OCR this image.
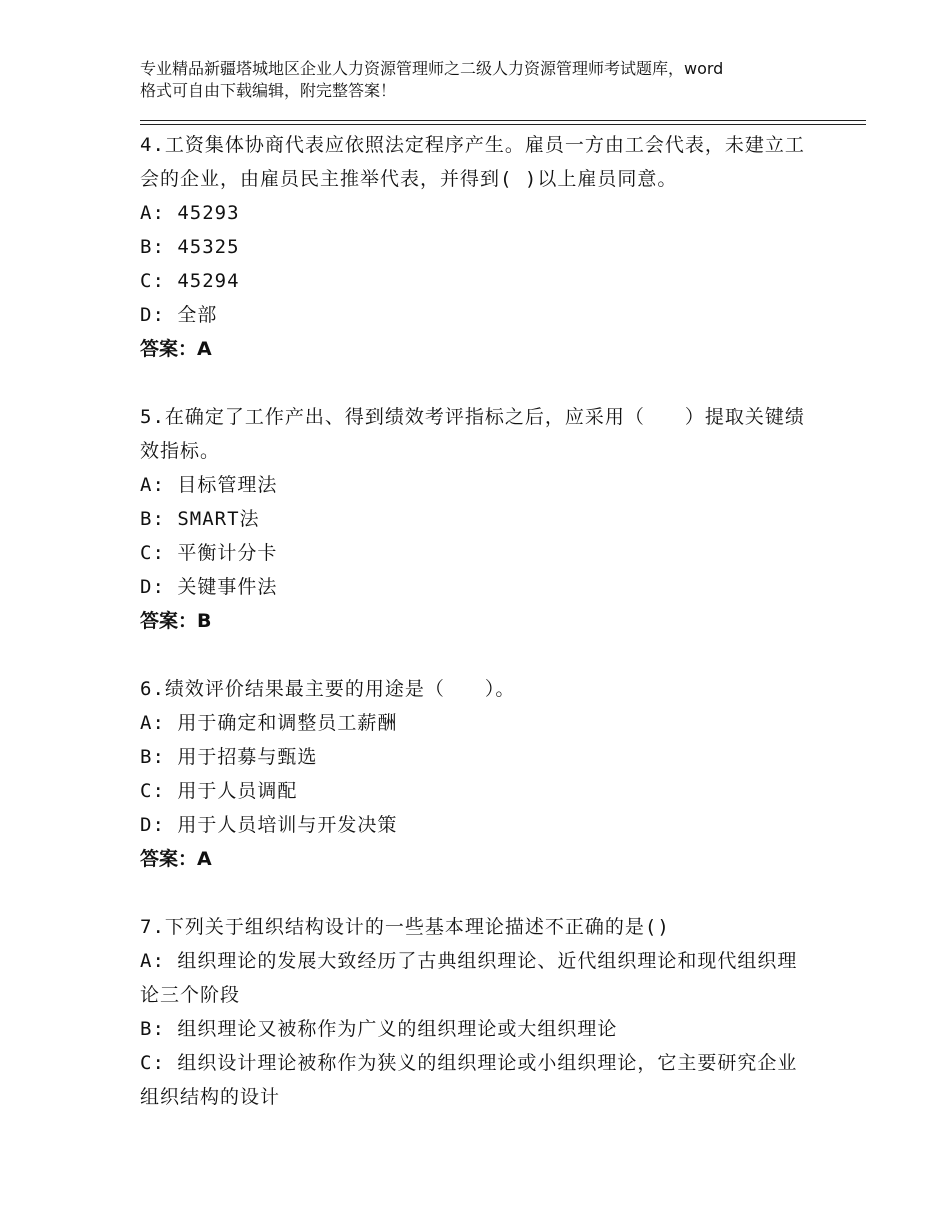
专业精品新疆塔城地区企业人力资源管理师之二级人力资源管理师考试题库，word
格式可自由下载编辑，附完整答案！
4.工资集体协商代表应依照法定程序产生。雇员一方由工会代表，未建立工会的企业，由雇员民主推举代表，并得到( )以上雇员同意。
A: 45293
B: 45325
C: 45294
D: 全部
答案：A
5.在确定了工作产出、得到绩效考评指标之后，应采用（　　）提取关键绩效指标。
A: 目标管理法
B: SMART法
C: 平衡计分卡
D: 关键事件法
答案：B
6.绩效评价结果最主要的用途是（　　）。
A: 用于确定和调整员工薪酬
B: 用于招募与甄选
C: 用于人员调配
D: 用于人员培训与开发决策
答案：A
7.下列关于组织结构设计的一些基本理论描述不正确的是()
A: 组织理论的发展大致经历了古典组织理论、近代组织理论和现代组织理论三个阶段
B: 组织理论又被称作为广义的组织理论或大组织理论
C: 组织设计理论被称作为狭义的组织理论或小组织理论，它主要研究企业组织结构的设计
